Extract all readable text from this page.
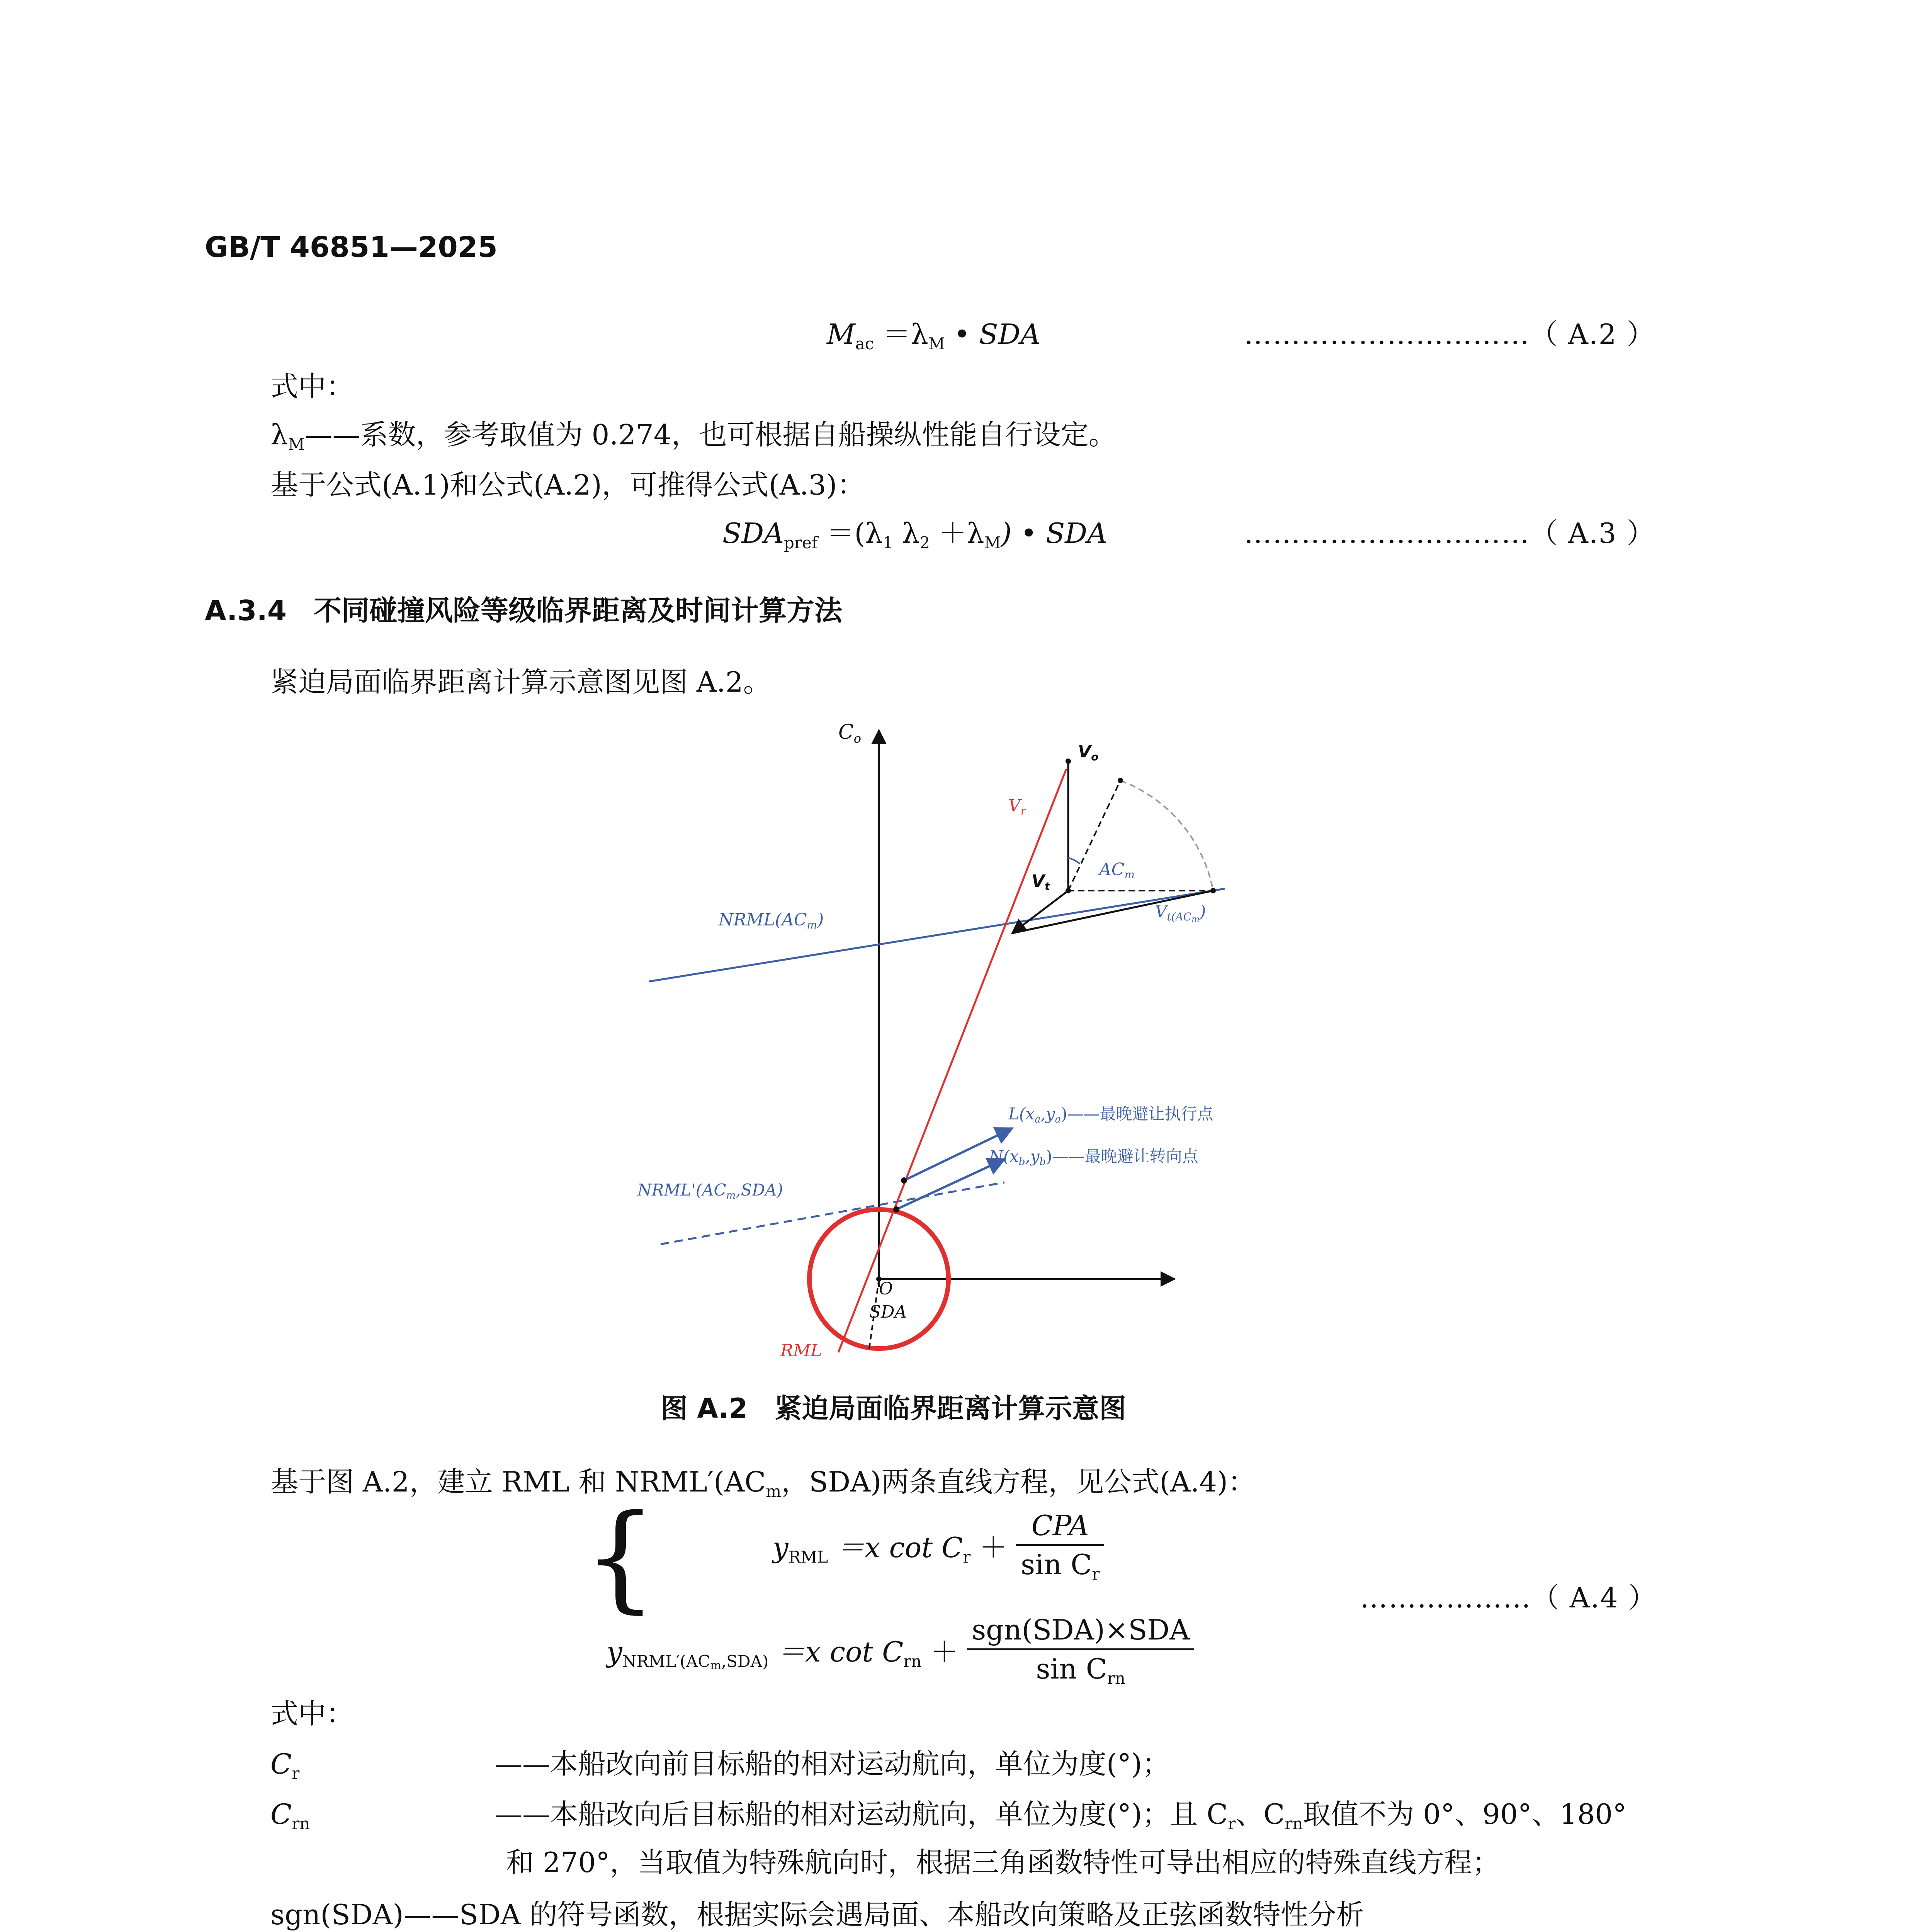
GB/T 46851—2025
$M_{ac} =\lambda_M$ • SDA	…………………………（ A.2 ）
式中：
$\lambda_M——$系数，参考取值为 0.274，也可根据自船操纵性能自行设定。
基于公式(A.1)和公式(A.2)，可推得公式(A.3)：
$SDA_{pref} =(\lambda_1$ $\lambda_2 +\lambda_M$) • SDA	…………………………（ A.3 ）
A.3.4 不同碰撞风险等级临界距离及时间计算方法
紧迫局面临界距离计算示意图见图 A.2。
Co
Vo
Vr
Vt
ACm
$Vt(AC_m)$
NRML(ACm)
L(xa,ya)——最晚避让执行点
N(xb,yb)——最晚避让转向点
NRML'(ACm,SDA)
O
SDA
RML
图 A.2　紧迫局面临界距离计算示意图
基于图 A.2，建立 RML 和 $NRML'(AC_m$，SDA)两条直线方程，见公式(A.4)：
{	$y_{RML} =x$ $\cot C_r + \frac{\text{CPA}}{\sin C_r}$
$y_{NRML'(ACm,SDA)} =x$ $\cot C_{rn} + \frac{\text{sgn(SDA)×SDA}}{\sin C_{rn}}$
………………（ A.4 ）
式中：
$C_r$	——本船改向前目标船的相对运动航向，单位为度(°)；
$C_{rn}$	——本船改向后目标船的相对运动航向，单位为度(°)；且 $C_r$、$C_{rn}$取值不为 0°、90°、180°
和 270°，当取值为特殊航向时，根据三角函数特性可导出相应的特殊直线方程；
sgn(SDA)——SDA 的符号函数，根据实际会遇局面、本船改向策略及正弦函数特性分析
